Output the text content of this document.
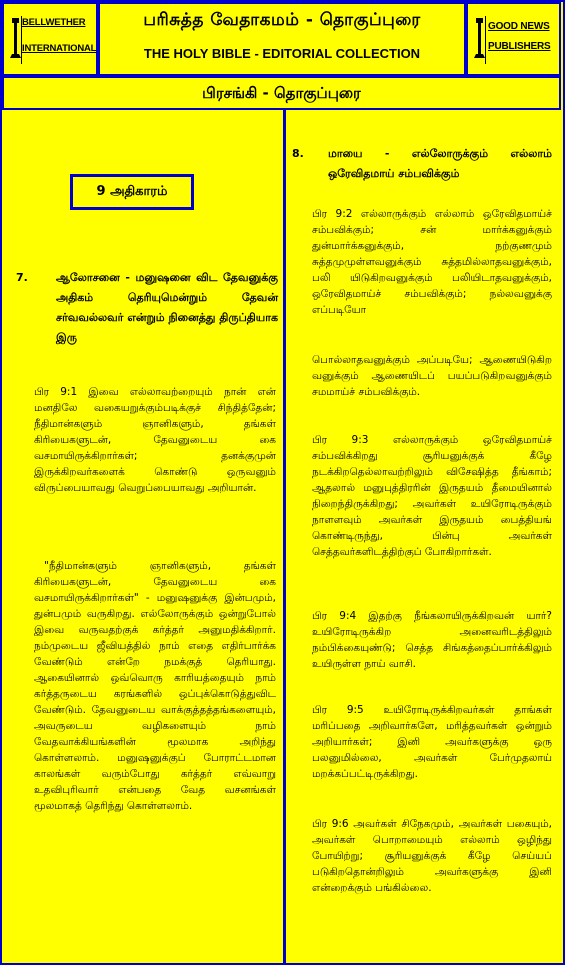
BELLWETHER
INTERNATIONAL
பரிசுத்த வேதாகமம் - தொகுப்புரை
THE HOLY BIBLE - EDITORIAL COLLECTION
GOOD NEWS
PUBLISHERS
பிரசங்கி - தொகுப்புரை
9 அதிகாரம்
7.	ஆலோசனை - மனுஷனை விட தேவனுக்கு அதிகம் தெரியுமென்றும் தேவன் சர்வவல்லவர் என்றும் நினைத்து திருப்தியாக இரு
பிர 9:1 இவை எல்லாவற்றையும் நான் என் மனதிலே வகையறுக்கும்படிக்குச் சிந்தித்தேன்; நீதிமான்களும் ஞானிகளும், தங்கள் கிரியைகளுடன், தேவனுடைய கை வசமாயிருக்கிறார்கள்; தனக்குமுன் இருக்கிறவர்களைக் கொண்டு ஒருவனும் விருப்பையாவது வெறுப்பையாவது அறியான்.
"நீதிமான்களும் ஞானிகளும், தங்கள் கிரியைகளுடன், தேவனுடைய கை வசமாயிருக்கிறார்கள்" - மனுஷனுக்கு இன்பமும், துன்பமும் வருகிறது. எல்லோருக்கும் ஒன்றுபோல் இவை வருவதற்குக் கர்த்தர் அனுமதிக்கிறார். நம்முடைய ஜீவியத்தில் நாம் எதை எதிர்பார்க்க வேண்டும் என்றே நமக்குத் தெரியாது. ஆகையினால் ஒவ்வொரு காரியத்தையும் நாம் கர்த்தருடைய கரங்களில் ஒப்புக்கொடுத்துவிட வேண்டும். தேவனுடைய வாக்குத்தத்தங்களையும், அவருடைய வழிகளையும் நாம் வேதவாக்கியங்களின் மூலமாக அறிந்து கொள்ளலாம். மனுஷனுக்குப் போராட்டமான காலங்கள் வரும்போது கர்த்தர் எவ்வாறு உதவிபுரிவார் என்பதை வேத வசனங்கள் மூலமாகத் தெரிந்து கொள்ளலாம்.
8. மாயை - எல்லோருக்கும் எல்லாம் ஒரேவிதமாய் சம்பவிக்கும்
பிர 9:2 எல்லாருக்கும் எல்லாம் ஒரேவிதமாய்ச் சம்பவிக்கும்; சன் மார்க்கனுக்கும் துன்மார்க்கனுக்கும், நற்குணமும் சுத்தமுமுள்ளவனுக்கும் சுத்தமில்லாதவனுக்கும், பலி யிடுகிறவனுக்கும் பலியிடாதவனுக்கும், ஒரேவிதமாய்ச் சம்பவிக்கும்; நல்லவனுக்கு எப்படியோ
பொல்லாதவனுக்கும் அப்படியே; ஆணையிடுகிற வனுக்கும் ஆணையிடப் பயப்படுகிறவனுக்கும் சமமாய்ச் சம்பவிக்கும்.
பிர 9:3 எல்லாருக்கும் ஒரேவிதமாய்ச் சம்பவிக்கிறது சூரியனுக்குக் கீழே நடக்கிறதெல்லாவற்றிலும் விசேஷித்த தீங்காம்; ஆதலால் மனுபுத்திரரின் இருதயம் தீமையினால் நிறைந்திருக்கிறது; அவர்கள் உயிரோடிருக்கும் நாளளவும் அவர்கள் இருதயம் பைத்தியங் கொண்டிருந்து, பின்பு அவர்கள் செத்தவர்களிடத்திற்குப் போகிறார்கள்.
பிர 9:4 இதற்கு நீங்கலாயிருக்கிறவன் யார்? உயிரோடிருக்கிற அனைவரிடத்திலும் நம்பிக்கையுண்டு; செத்த சிங்கத்தைப்பார்க்கிலும் உயிருள்ள நாய் வாசி.
பிர 9:5 உயிரோடிருக்கிறவர்கள் தாங்கள் மரிப்பதை அறிவார்களே, மரித்தவர்கள் ஒன்றும் அறியார்கள்; இனி அவர்களுக்கு ஒரு பலனுமில்லை, அவர்கள் பேர்முதலாய் மறக்கப்பட்டிருக்கிறது.
பிர 9:6 அவர்கள் சிநேகமும், அவர்கள் பகையும், அவர்கள் பொறாமையும் எல்லாம் ஒழிந்து போயிற்று; சூரியனுக்குக் கீழே செய்யப் படுகிறதொன்றிலும் அவர்களுக்கு இனி என்றைக்கும் பங்கில்லை.
